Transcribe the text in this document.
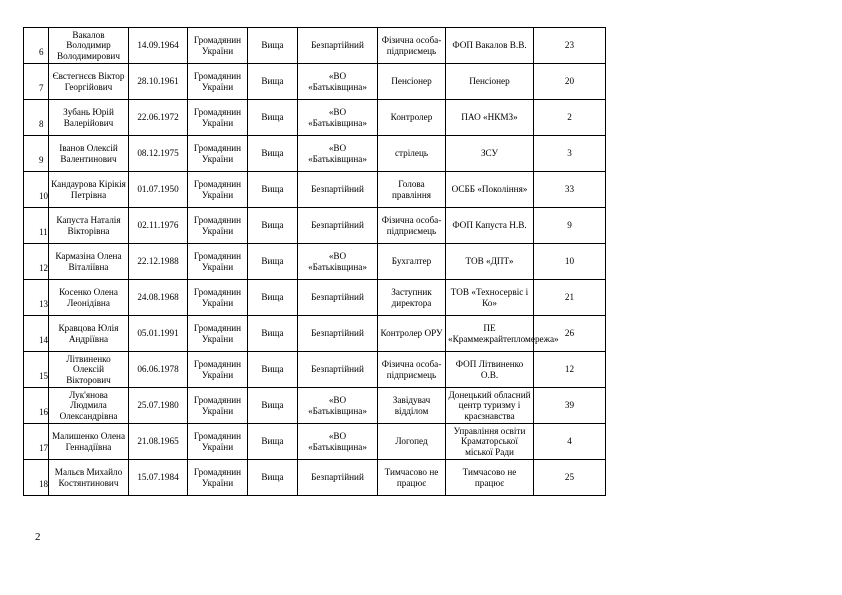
6	Вакалов Володимир Володимирович	14.09.1964	Громадянин України	Вища	Безпартійний	Фізична особа-підприємець	ФОП Вакалов В.В.	23

7	Євстегнєєв Віктор Георгійович	28.10.1961	Громадянин України	Вища	«ВО «Батьківщина»	Пенсіонер	Пенсіонер	20

8	Зубань Юрій Валерійович	22.06.1972	Громадянин України	Вища	«ВО «Батьківщина»	Контролер	ПАО «НКМЗ»	2

9	Іванов Олексій Валентинович	08.12.1975	Громадянин України	Вища	«ВО «Батьківщина»	стрілець	ЗСУ	3

10	Кандаурова Кірікія Петрівна	01.07.1950	Громадянин України	Вища	Безпартійний	Голова правління	ОСББ «Покоління»	33

11	Капуста Наталія Вікторівна	02.11.1976	Громадянин України	Вища	Безпартійний	Фізична особа-підприємець	ФОП Капуста Н.В.	9

12	Кармазіна Олена Віталіївна	22.12.1988	Громадянин України	Вища	«ВО «Батьківщина»	Бухгалтер	ТОВ «ДПТ»	10

13	Косенко Олена Леонідівна	24.08.1968	Громадянин України	Вища	Безпартійний	Заступник директора	ТОВ «Техносервіс і Ко»	21

14	Кравцова Юлія Андріївна	05.01.1991	Громадянин України	Вища	Безпартійний	Контролер ОРУ	ПЕ «Краммежрайтепломережа»	26

15	Літвиненко Олексій Вікторович	06.06.1978	Громадянин України	Вища	Безпартійний	Фізична особа-підприємець	ФОП Літвиненко О.В.	12

16	Лук'янова Людмила Олександрівна	25.07.1980	Громадянин України	Вища	«ВО «Батьківщина»	Завідувач відділом	Донецький обласний центр туризму і краєзнавства	39

17	Малишенко Олена Геннадіївна	21.08.1965	Громадянин України	Вища	«ВО «Батьківщина»	Логопед	Управління освіти Краматорської міської Ради	4

18	Мальєв Михайло Костянтинович	15.07.1984	Громадянин України	Вища	Безпартійний	Тимчасово не працює	Тимчасово не працює	25
2
